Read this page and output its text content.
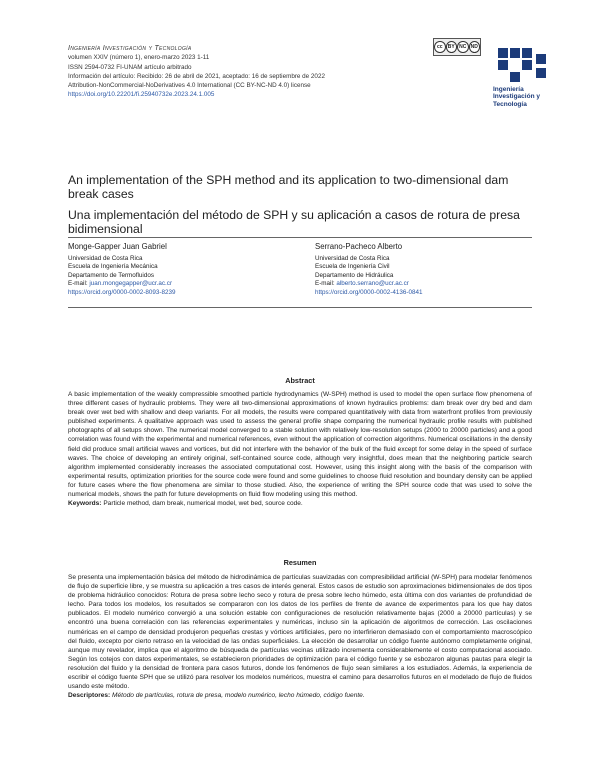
Ingeniería Investigación y Tecnología
volumen XXIV (número 1), enero-marzo 2023 1-11
ISSN 2594-0732 FI-UNAM artículo arbitrado
Información del artículo: Recibido: 26 de abril de 2021, aceptado: 16 de septiembre de 2022
Attribution-NonCommercial-NoDerivatives 4.0 International (CC BY-NC-ND 4.0) license
https://doi.org/10.22201/fi.25940732e.2023.24.1.005
cc	BY NC ND
Ingeniería
Investigación y
Tecnología
An implementation of the SPH method and its application to two-dimensional dam break cases
Una implementación del método de SPH y su aplicación a casos de rotura de presa bidimensional
Monge-Gapper Juan Gabriel
Universidad de Costa Rica
Escuela de Ingeniería Mecánica
Departamento de Termofluidos
E-mail: juan.mongegapper@ucr.ac.cr
https://orcid.org/0000-0002-8093-8239
Serrano-Pacheco Alberto
Universidad de Costa Rica
Escuela de Ingeniería Civil
Departamento de Hidráulica
E-mail: alberto.serrano@ucr.ac.cr
https://orcid.org/0000-0002-4136-0841
Abstract
A basic implementation of the weakly compressible smoothed particle hydrodynamics (W-SPH) method is used to model the open surface flow phenomena of three different cases of hydraulic problems. They were all two-dimensional approximations of known hydraulics problems: dam break over dry bed and dam break over wet bed with shallow and deep variants. For all models, the results were compared quantitatively with data from waterfront profiles from previously published experiments. A qualitative approach was used to assess the general profile shape comparing the numerical hydraulic profile results with published photographs of all setups shown. The numerical model converged to a stable solution with relatively low-resolution setups (2000 to 20000 particles) and a good correlation was found with the experimental and numerical references, even without the application of correction algorithms. Numerical oscillations in the density field did produce small artificial waves and vortices, but did not interfere with the behavior of the bulk of the fluid except for some delay in the speed of surface waves. The choice of developing an entirely original, self-contained source code, although very insightful, does mean that the neighboring particle search algorithm implemented considerably increases the associated computational cost. However, using this insight along with the basis of the comparison with experimental results, optimization priorities for the source code were found and some guidelines to choose fluid resolution and boundary density can be applied for future cases where the flow phenomena are similar to those studied. Also, the experience of writing the SPH source code that was used to solve the numerical models, shows the path for future developments on fluid flow modeling using this method.
Keywords: Particle method, dam break, numerical model, wet bed, source code.
Resumen
Se presenta una implementación básica del método de hidrodinámica de partículas suavizadas con compresibilidad artificial (W-SPH) para modelar fenómenos de flujo de superficie libre, y se muestra su aplicación a tres casos de interés general. Estos casos de estudio son aproximaciones bidimensionales de dos tipos de problema hidráulico conocidos: Rotura de presa sobre lecho seco y rotura de presa sobre lecho húmedo, esta última con dos variantes de profundidad de lecho. Para todos los modelos, los resultados se compararon con los datos de los perfiles de frente de avance de experimentos para los que hay datos publicados. El modelo numérico convergió a una solución estable con configuraciones de resolución relativamente bajas (2000 a 20000 partículas) y se encontró una buena correlación con las referencias experimentales y numéricas, incluso sin la aplicación de algoritmos de corrección. Las oscilaciones numéricas en el campo de densidad produjeron pequeñas crestas y vórtices artificiales, pero no interfirieron demasiado con el comportamiento macroscópico del fluido, excepto por cierto retraso en la velocidad de las ondas superficiales. La elección de desarrollar un código fuente autónomo completamente original, aunque muy revelador, implica que el algoritmo de búsqueda de partículas vecinas utilizado incrementa considerablemente el costo computacional asociado. Según los cotejos con datos experimentales, se establecieron prioridades de optimización para el código fuente y se esbozaron algunas pautas para elegir la resolución del fluido y la densidad de frontera para casos futuros, donde los fenómenos de flujo sean similares a los estudiados. Además, la experiencia de escribir el código fuente SPH que se utilizó para resolver los modelos numéricos, muestra el camino para desarrollos futuros en el modelado de flujo de fluidos usando este método.
Descriptores: Método de partículas, rotura de presa, modelo numérico, lecho húmedo, código fuente.
